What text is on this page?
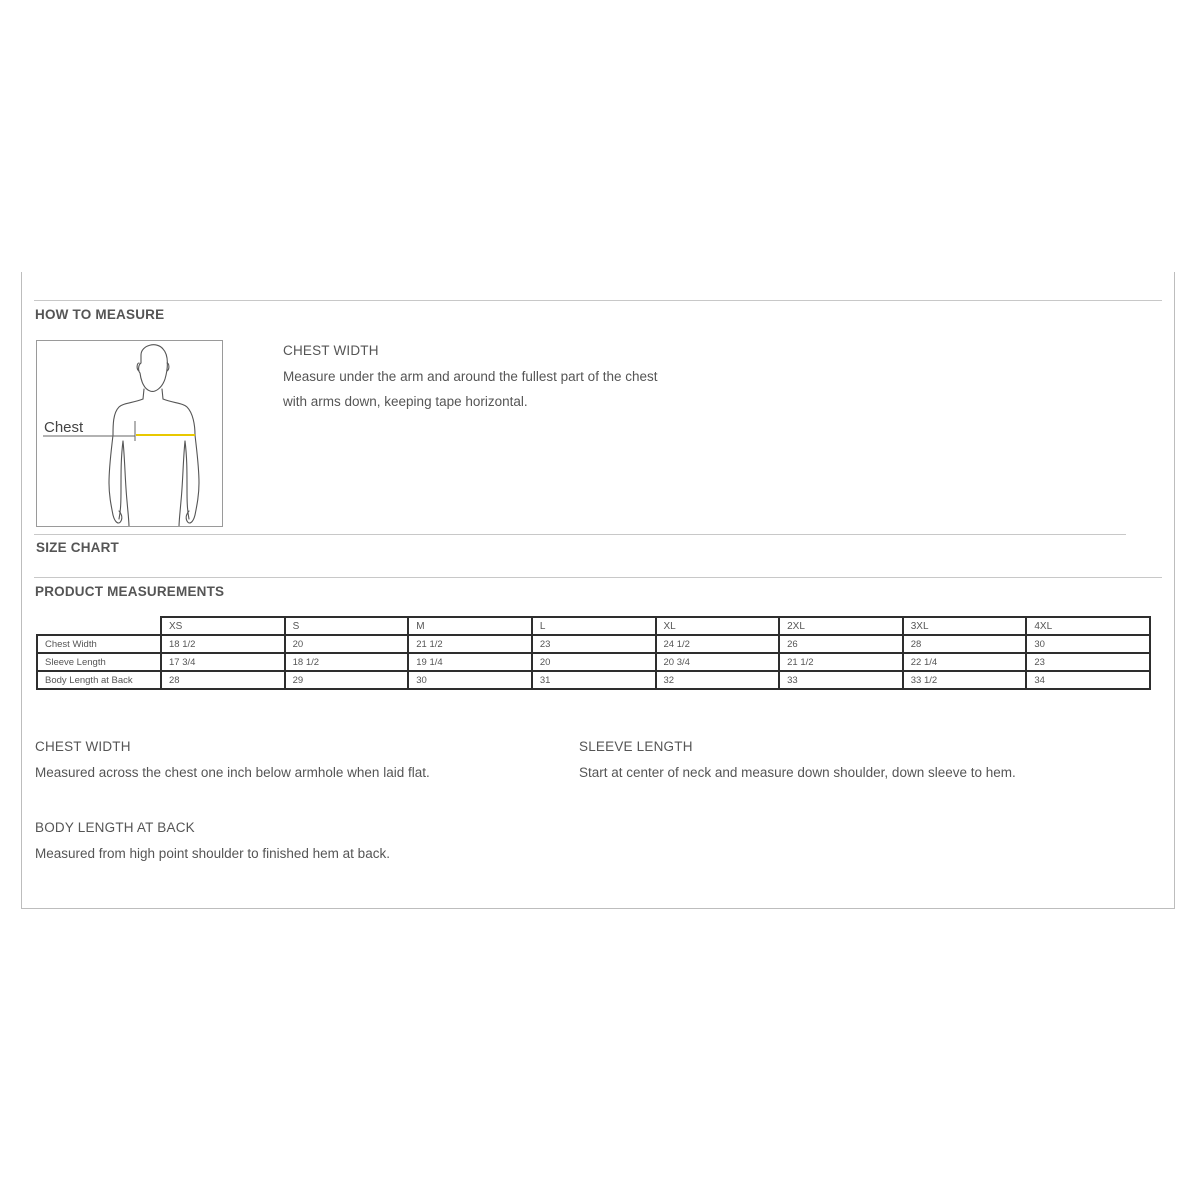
HOW TO MEASURE
Chest
CHEST WIDTH
Measure under the arm and around the fullest part of the chest
with arms down, keeping tape horizontal.
SIZE CHART
PRODUCT MEASUREMENTS
	XS	S	M	L	XL	2XL	3XL	4XL
Chest Width	18 1/2	20	21 1/2	23	24 1/2	26	28	30
Sleeve Length	17 3/4	18 1/2	19 1/4	20	20 3/4	21 1/2	22 1/4	23
Body Length at Back	28	29	30	31	32	33	33 1/2	34
CHEST WIDTH
Measured across the chest one inch below armhole when laid flat.
SLEEVE LENGTH
Start at center of neck and measure down shoulder, down sleeve to hem.
BODY LENGTH AT BACK
Measured from high point shoulder to finished hem at back.
